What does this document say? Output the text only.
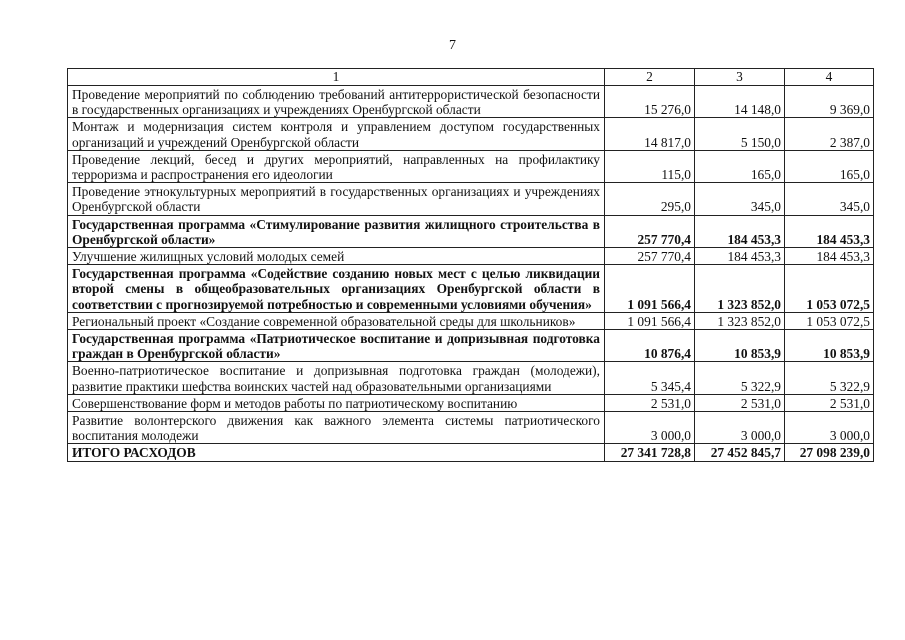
7
1	2	3	4
Проведение мероприятий по соблюдению требований антитеррористической безопасности в государственных организациях и учреждениях Оренбургской области	15 276,0	14 148,0	9 369,0
Монтаж и модернизация систем контроля и управлением доступом государственных организаций и учреждений Оренбургской области	14 817,0	5 150,0	2 387,0
Проведение лекций, бесед и других мероприятий, направленных на профилактику терроризма и распространения его идеологии	115,0	165,0	165,0
Проведение этнокультурных мероприятий в государственных организациях и учреждениях Оренбургской области	295,0	345,0	345,0
Государственная программа «Стимулирование развития жилищного строительства в Оренбургской области»	257 770,4	184 453,3	184 453,3
Улучшение жилищных условий молодых семей	257 770,4	184 453,3	184 453,3
Государственная программа «Содействие созданию новых мест с целью ликвидации второй смены в общеобразовательных организациях Оренбургской области в соответствии с прогнозируемой потребностью и современными условиями обучения»	1 091 566,4	1 323 852,0	1 053 072,5
Региональный проект «Создание современной образовательной среды для школьников»	1 091 566,4	1 323 852,0	1 053 072,5
Государственная программа «Патриотическое воспитание и допризывная подготовка граждан в Оренбургской области»	10 876,4	10 853,9	10 853,9
Военно-патриотическое воспитание и допризывная подготовка граждан (молодежи), развитие практики шефства воинских частей над образовательными организациями	5 345,4	5 322,9	5 322,9
Совершенствование форм и методов работы по патриотическому воспитанию	2 531,0	2 531,0	2 531,0
Развитие волонтерского движения как важного элемента системы патриотического воспитания молодежи	3 000,0	3 000,0	3 000,0
ИТОГО РАСХОДОВ	27 341 728,8	27 452 845,7	27 098 239,0
